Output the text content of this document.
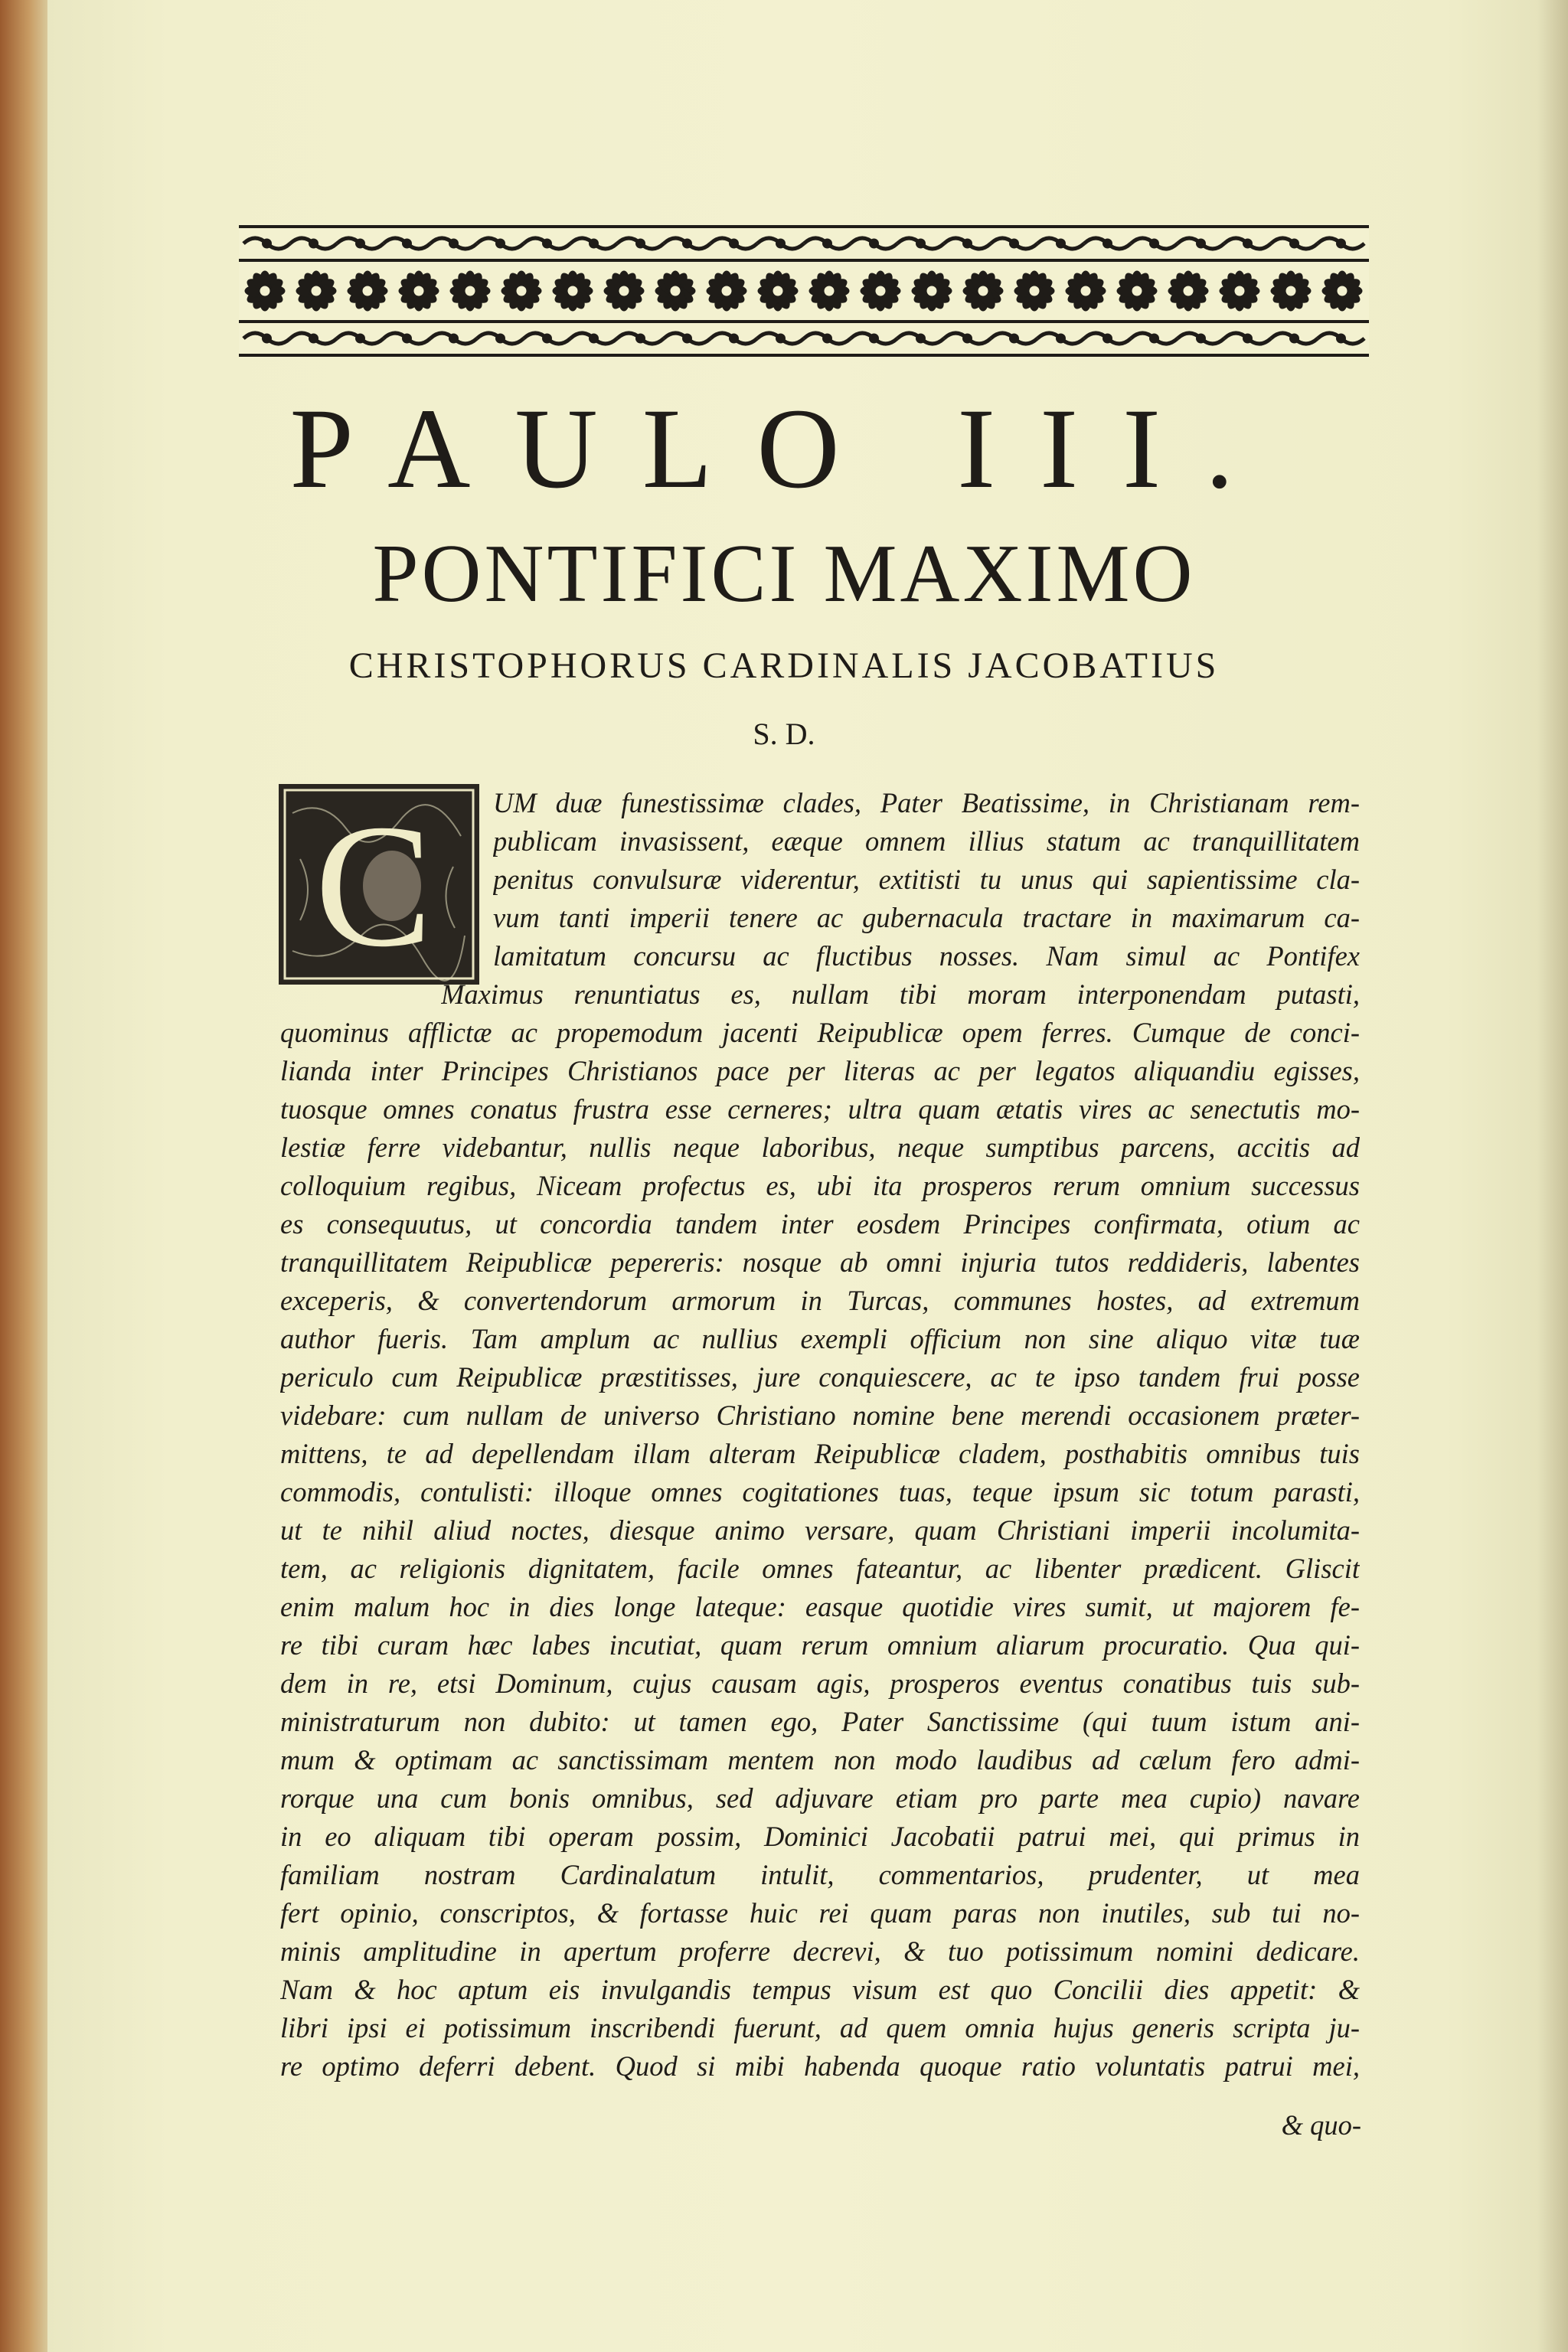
PAULO III.
PONTIFICI MAXIMO
CHRISTOPHORUS CARDINALIS JACOBATIUS
S. D.
C UM duæ funestissimæ clades, Pater Beatissime, in Christianam rem-
publicam invasissent, eæque omnem illius statum ac tranquillitatem
penitus convulsuræ viderentur, extitisti tu unus qui sapientissime cla-
vum tanti imperii tenere ac gubernacula tractare in maximarum ca-
lamitatum concursu ac fluctibus nosses. Nam simul ac Pontifex
Maximus renuntiatus es, nullam tibi moram interponendam putasti,
quominus afflictæ ac propemodum jacenti Reipublicæ opem ferres. Cumque de conci-
lianda inter Principes Christianos pace per literas ac per legatos aliquandiu egisses,
tuosque omnes conatus frustra esse cerneres; ultra quam ætatis vires ac senectutis mo-
lestiæ ferre videbantur, nullis neque laboribus, neque sumptibus parcens, accitis ad
colloquium regibus, Niceam profectus es, ubi ita prosperos rerum omnium successus
es consequutus, ut concordia tandem inter eosdem Principes confirmata, otium ac
tranquillitatem Reipublicæ pepereris: nosque ab omni injuria tutos reddideris, labentes
exceperis, & convertendorum armorum in Turcas, communes hostes, ad extremum
author fueris. Tam amplum ac nullius exempli officium non sine aliquo vitæ tuæ
periculo cum Reipublicæ præstitisses, jure conquiescere, ac te ipso tandem frui posse
videbare: cum nullam de universo Christiano nomine bene merendi occasionem præter-
mittens, te ad depellendam illam alteram Reipublicæ cladem, posthabitis omnibus tuis
commodis, contulisti: illoque omnes cogitationes tuas, teque ipsum sic totum parasti,
ut te nihil aliud noctes, diesque animo versare, quam Christiani imperii incolumita-
tem, ac religionis dignitatem, facile omnes fateantur, ac libenter prædicent. Gliscit
enim malum hoc in dies longe lateque: easque quotidie vires sumit, ut majorem fe-
re tibi curam hæc labes incutiat, quam rerum omnium aliarum procuratio. Qua qui-
dem in re, etsi Dominum, cujus causam agis, prosperos eventus conatibus tuis sub-
ministraturum non dubito: ut tamen ego, Pater Sanctissime (qui tuum istum ani-
mum & optimam ac sanctissimam mentem non modo laudibus ad cælum fero admi-
rorque una cum bonis omnibus, sed adjuvare etiam pro parte mea cupio) navare
in eo aliquam tibi operam possim, Dominici Jacobatii patrui mei, qui primus in
familiam nostram Cardinalatum intulit, commentarios, prudenter, ut mea
fert opinio, conscriptos, & fortasse huic rei quam paras non inutiles, sub tui no-
minis amplitudine in apertum proferre decrevi, & tuo potissimum nomini dedicare.
Nam & hoc aptum eis invulgandis tempus visum est quo Concilii dies appetit: &
libri ipsi ei potissimum inscribendi fuerunt, ad quem omnia hujus generis scripta ju-
re optimo deferri debent. Quod si mibi habenda quoque ratio voluntatis patrui mei,
& quo-
